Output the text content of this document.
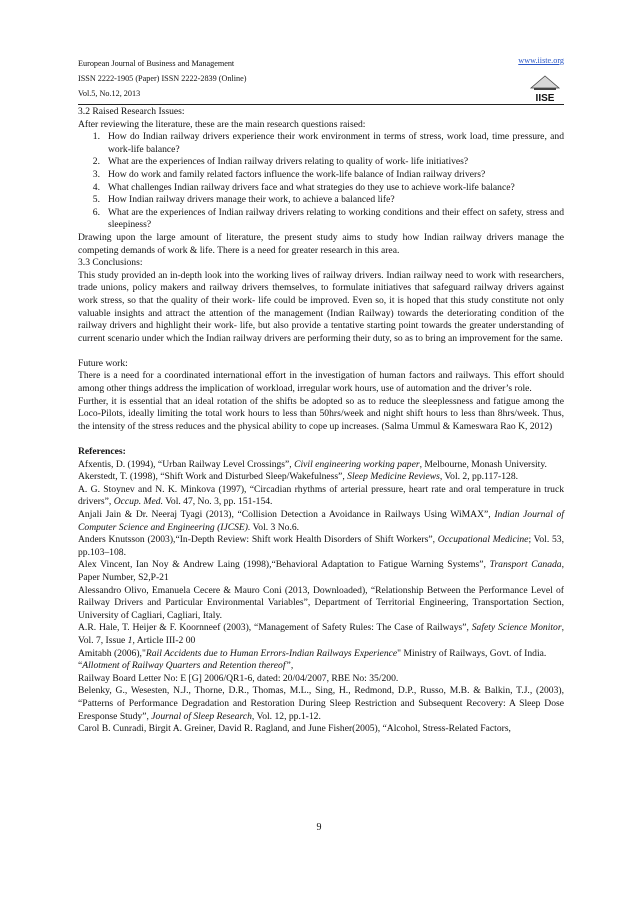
European Journal of Business and Management
ISSN 2222-1905 (Paper) ISSN 2222-2839 (Online)
Vol.5, No.12, 2013
www.iiste.org
IISE

3.2 Raised Research Issues:

After reviewing the literature, these are the main research questions raised:

1. How do Indian railway drivers experience their work environment in terms of stress, work load, time pressure, and work-life balance?
2. What are the experiences of Indian railway drivers relating to quality of work- life initiatives?
3. How do work and family related factors influence the work-life balance of Indian railway drivers?
4. What challenges Indian railway drivers face and what strategies do they use to achieve work-life balance?
5. How Indian railway drivers manage their work, to achieve a balanced life?
6. What are the experiences of Indian railway drivers relating to working conditions and their effect on safety, stress and sleepiness?

Drawing upon the large amount of literature, the present study aims to study how Indian railway drivers manage the competing demands of work & life. There is a need for greater research in this area.

3.3 Conclusions:

This study provided an in-depth look into the working lives of railway drivers. Indian railway need to work with researchers, trade unions, policy makers and railway drivers themselves, to formulate initiatives that safeguard railway drivers against work stress, so that the quality of their work- life could be improved. Even so, it is hoped that this study constitute not only valuable insights and attract the attention of the management (Indian Railway) towards the deteriorating condition of the railway drivers and highlight their work- life, but also provide a tentative starting point towards the greater understanding of current scenario under which the Indian railway drivers are performing their duty, so as to bring an improvement for the same.

Future work:

There is a need for a coordinated international effort in the investigation of human factors and railways. This effort should among other things address the implication of workload, irregular work hours, use of automation and the driver’s role.

Further, it is essential that an ideal rotation of the shifts be adopted so as to reduce the sleeplessness and fatigue among the Loco-Pilots, ideally limiting the total work hours to less than 50hrs/week and night shift hours to less than 8hrs/week. Thus, the intensity of the stress reduces and the physical ability to cope up increases. (Salma Ummul & Kameswara Rao K, 2012)

References:

Afxentis, D. (1994), “Urban Railway Level Crossings”, Civil engineering working paper, Melbourne, Monash University.

Akerstedt, T. (1998), “Shift Work and Disturbed Sleep/Wakefulness”, Sleep Medicine Reviews, Vol. 2, pp.117-128.

A. G. Stoynev and N. K. Minkova (1997), “Circadian rhythms of arterial pressure, heart rate and oral temperature in truck drivers”, Occup. Med. Vol. 47, No. 3, pp. 151-154.

Anjali Jain & Dr. Neeraj Tyagi (2013), “Collision Detection a Avoidance in Railways Using WiMAX”, Indian Journal of Computer Science and Engineering (IJCSE). Vol. 3 No.6.

Anders Knutsson (2003),“In-Depth Review: Shift work Health Disorders of Shift Workers”, Occupational Medicine; Vol. 53, pp.103–108.

Alex Vincent, Ian Noy & Andrew Laing (1998),“Behavioral Adaptation to Fatigue Warning Systems”, Transport Canada, Paper Number, S2,P-21

Alessandro Olivo, Emanuela Cecere & Mauro Coni (2013, Downloaded), “Relationship Between the Performance Level of Railway Drivers and Particular Environmental Variables”, Department of Territorial Engineering, Transportation Section, University of Cagliari, Cagliari, Italy.

A.R. Hale, T. Heijer & F. Koornneef (2003), “Management of Safety Rules: The Case of Railways”, Safety Science Monitor, Vol. 7, Issue 1, Article III-2 00

Amitabh (2006),"Rail Accidents due to Human Errors-Indian Railways Experience" Ministry of Railways, Govt. of India.

“Allotment of Railway Quarters and Retention thereof”,

Railway Board Letter No: E [G] 2006/QR1-6, dated: 20/04/2007, RBE No: 35/200.

Belenky, G., Wesesten, N.J., Thorne, D.R., Thomas, M.L., Sing, H., Redmond, D.P., Russo, M.B. & Balkin, T.J., (2003), “Patterns of Performance Degradation and Restoration During Sleep Restriction and Subsequent Recovery: A Sleep Dose Eresponse Study”, Journal of Sleep Research, Vol. 12, pp.1-12.

Carol B. Cunradi, Birgit A. Greiner, David R. Ragland, and June Fisher(2005), “Alcohol, Stress-Related Factors,

9
